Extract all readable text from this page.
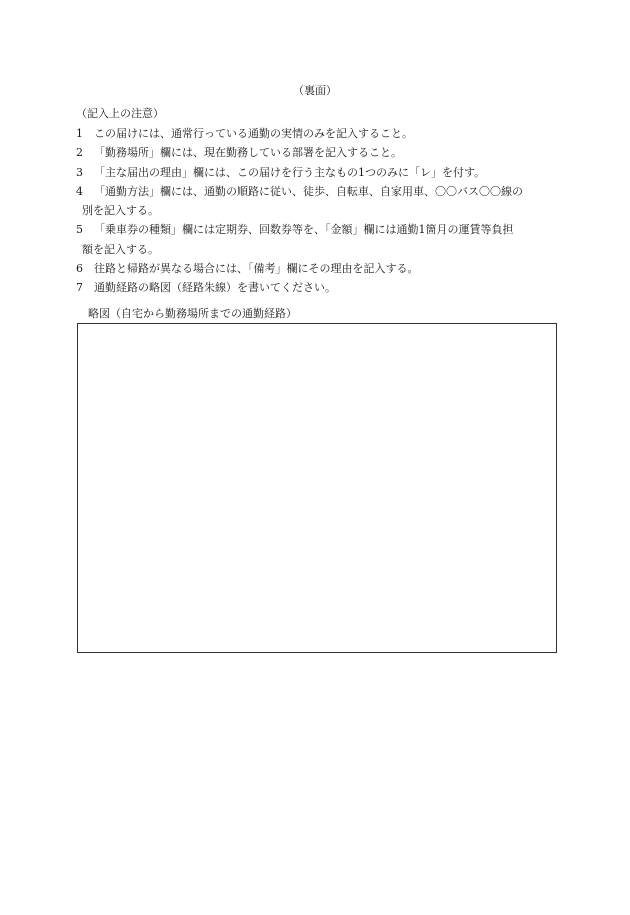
（裏面）
（記入上の注意）
1	この届けには、通常行っている通勤の実情のみを記入すること。
2	「勤務場所」欄には、現在勤務している部署を記入すること。
3	「主な届出の理由」欄には、この届けを行う主なもの1つのみに「レ」を付す。
4	「通勤方法」欄には、通勤の順路に従い、徒歩、自転車、自家用車、〇〇バス〇〇線の
別を記入する。
5	「乗車券の種類」欄には定期券、回数券等を、「金額」欄には通勤1箇月の運賃等負担
額を記入する。
6	往路と帰路が異なる場合には、「備考」欄にその理由を記入する。
7	通勤経路の略図（経路朱線）を書いてください。
略図（自宅から勤務場所までの通勤経路）
